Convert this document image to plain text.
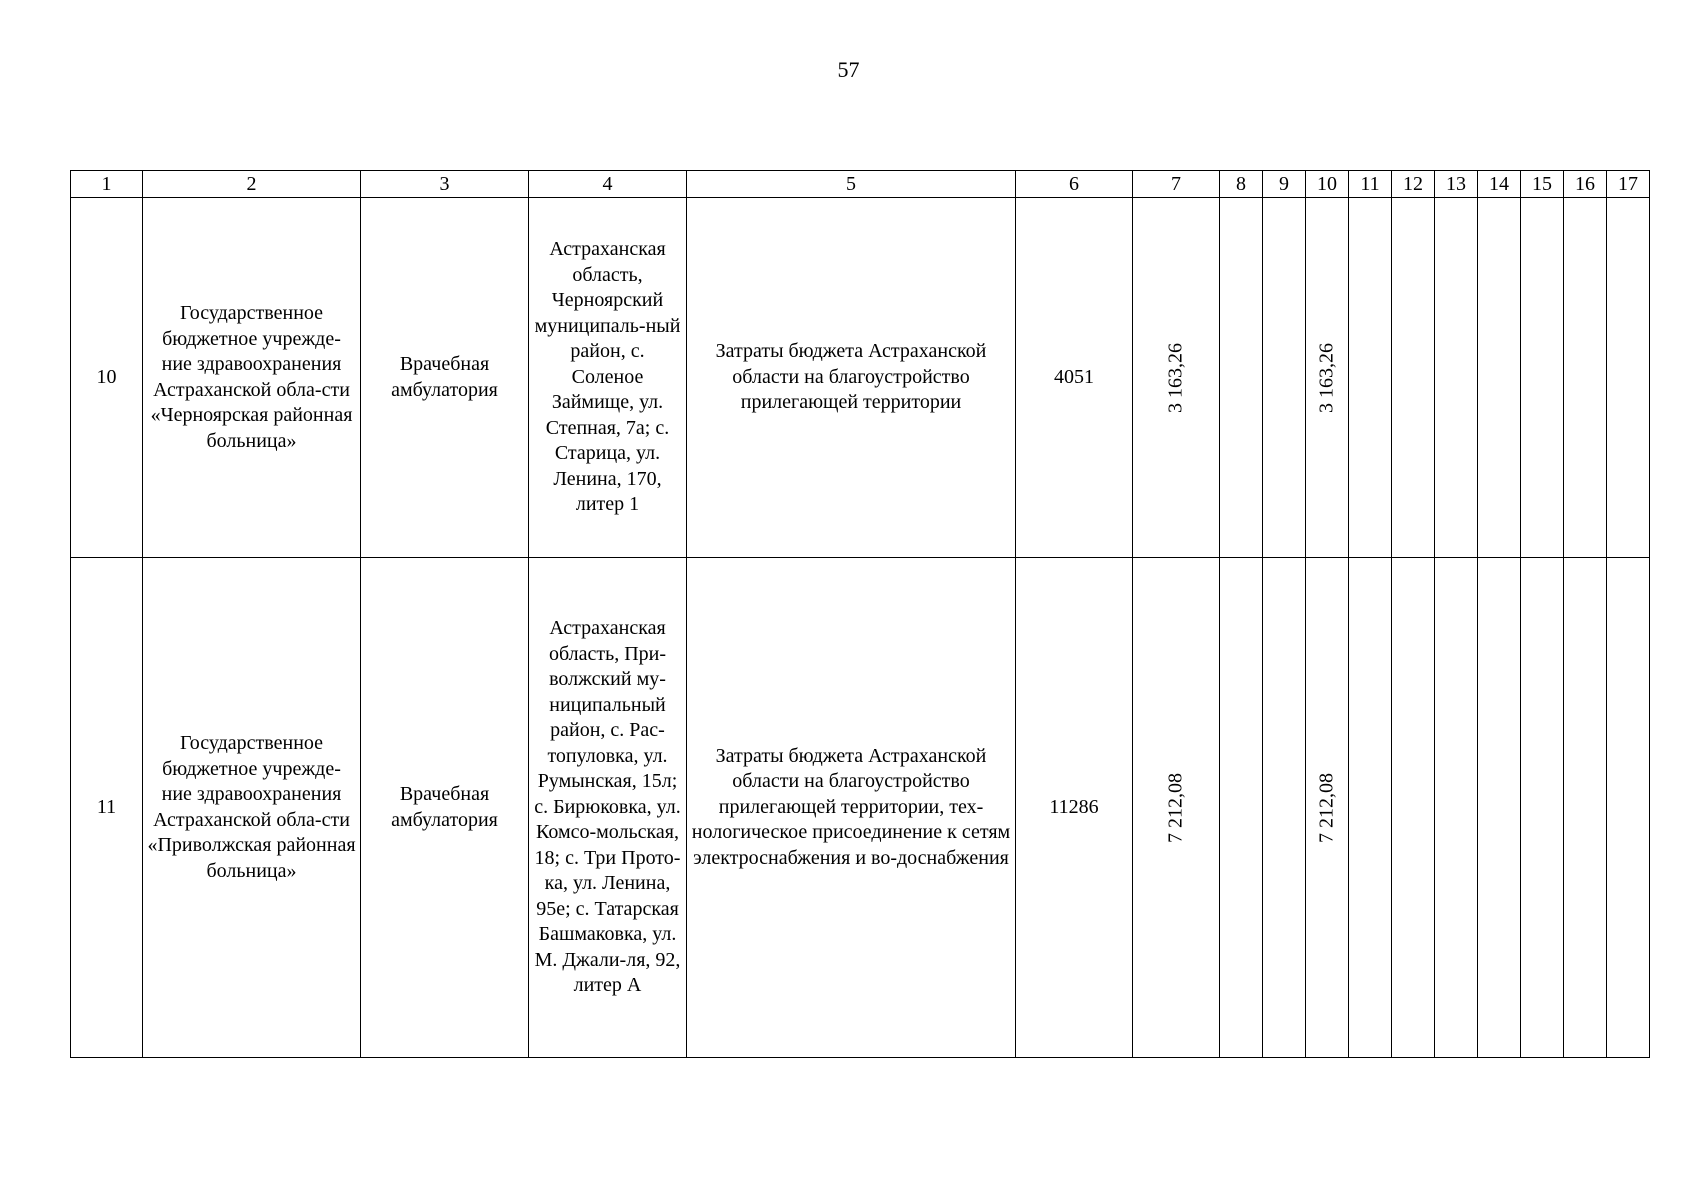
57
1	2	3	4	5	6	7	8	9	10	11	12	13	14	15	16	17
10	Государственное бюджетное учрежде-ние здравоохранения Астраханской обла-сти «Черноярская районная больница»	Врачебная амбулатория	Астраханская область, Черноярский муниципаль-ный район, с. Соленое Займище, ул. Степная, 7а; с. Старица, ул. Ленина, 170, литер 1	Затраты бюджета Астраханской области на благоустройство прилегающей территории	4051	3 163,26			3 163,26							

11	Государственное бюджетное учрежде-ние здравоохранения Астраханской обла-сти «Приволжская районная больница»	Врачебная амбулатория	Астраханская область, При-волжский му-ниципальный район, с. Рас-топуловка, ул. Румынская, 15л; с. Бирюковка, ул. Комсо-мольская, 18; с. Три Прото-ка, ул. Ленина, 95е; с. Татарская Башмаковка, ул. М. Джали-ля, 92, литер А	Затраты бюджета Астраханской области на благоустройство прилегающей территории, тех-нологическое присоединение к сетям электроснабжения и во-доснабжения	11286	7 212,08			7 212,08							
